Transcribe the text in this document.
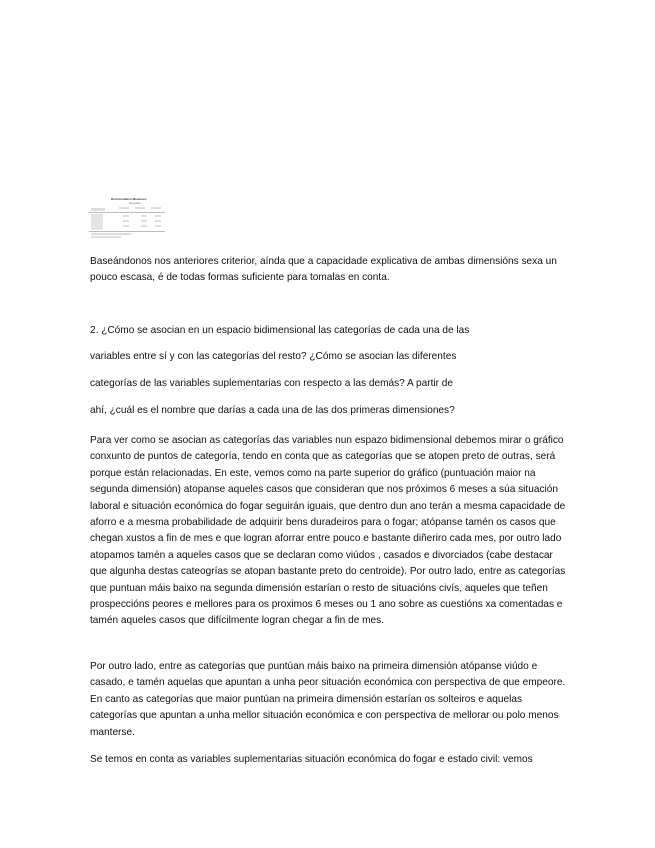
Discrimination Measures
Dimension

Baseándonos nos anteriores criterior, aínda que a capacidade explicativa de ambas dimensións sexa un pouco escasa, é de todas formas suficiente para tomalas en conta.

2. ¿Cómo se asocian en un espacio bidimensional las categorías de cada una de las

variables entre sí y con las categorías del resto? ¿Cómo se asocian las diferentes

categorías de las variables suplementarias con respecto a las demás? A partir de

ahí, ¿cuál es el nombre que darías a cada una de las dos primeras dimensiones?

Para ver como se asocian as categorías das variables nun espazo bidimensional debemos mirar o gráfico conxunto de puntos de categoría, tendo en conta que as categorías que se atopen preto de outras, será porque están relacionadas. En este, vemos como na parte superior do gráfico (puntuación maior na segunda dimensión) atopanse aqueles casos que consideran que nos próximos 6 meses a súa situación laboral e situación económica do fogar seguirán iguais, que dentro dun ano terán a mesma capacidade de aforro e a mesma probabilidade de adquirir bens duradeiros para o fogar; atópanse tamén os casos que chegan xustos a fin de mes e que logran aforrar entre pouco e bastante diñeriro cada mes, por outro lado atopamos tamén a aqueles casos que se declaran como viúdos , casados e divorciados (cabe destacar que algunha destas cateogrías se atopan bastante preto do centroide). Por outro lado, entre as categorías que puntuan máis baixo na segunda dimensión estarían o resto de situacións civís, aqueles que teñen prospeccións peores e mellores para os proximos 6 meses ou 1 ano sobre as cuestións xa comentadas e tamén aqueles casos que difícilmente logran chegar a fin de mes.

Por outro lado, entre as categorías que puntúan máis baixo na primeira dimensión atópanse viúdo e casado, e tamén aquelas que apuntan a unha peor situación económica con perspectiva de que empeore. En canto as categorías que maior puntúan na primeira dimensión estarían os solteiros e aquelas categorías que apuntan a unha mellor situación económica e con perspectiva de mellorar ou polo menos manterse.

Se temos en conta as variables suplementarias situación económica do fogar e estado civil: vemos
